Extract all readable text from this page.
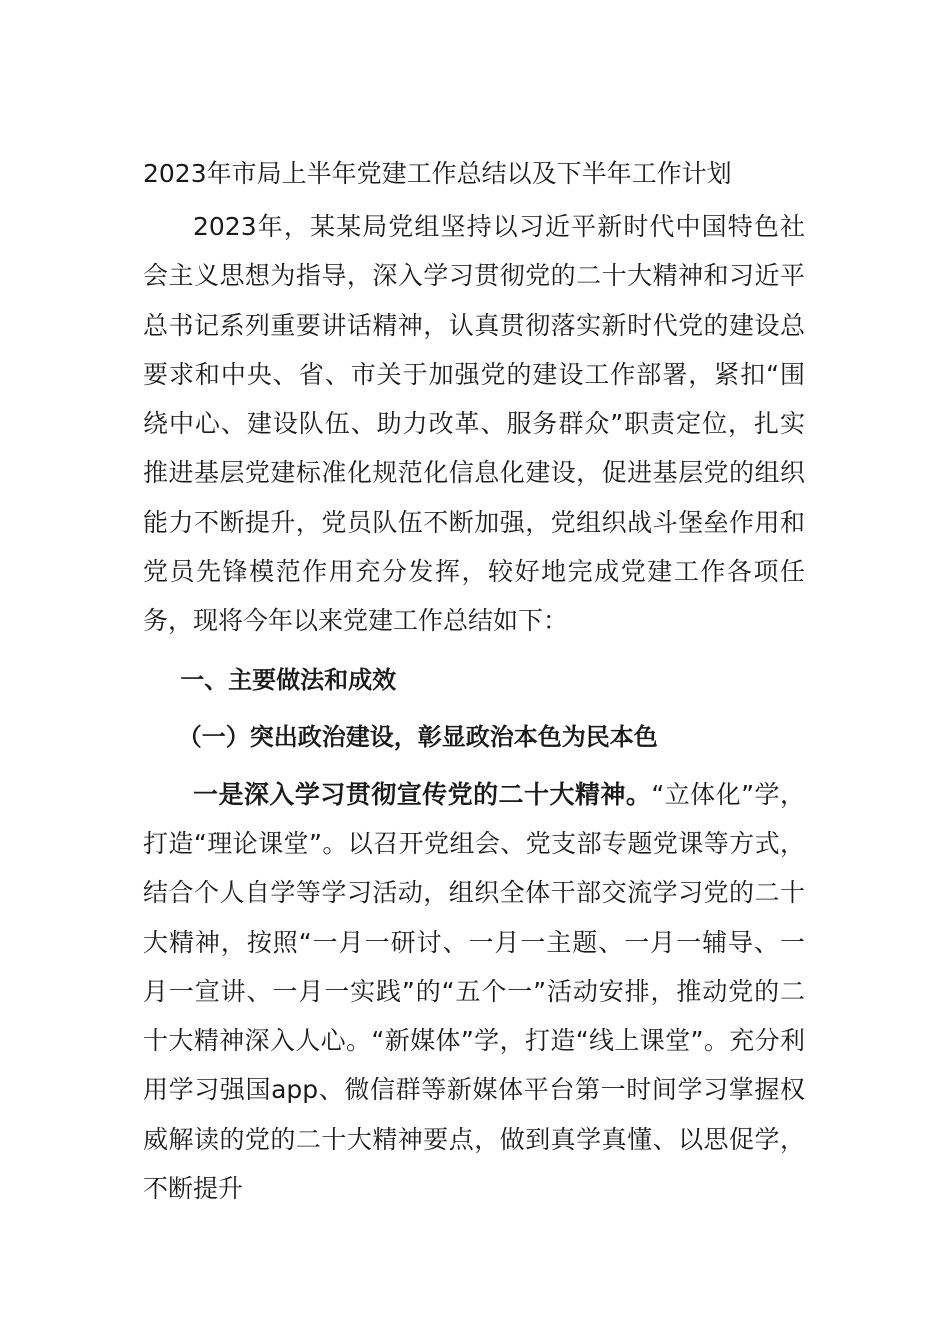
2023年市局上半年党建工作总结以及下半年工作计划

2023年，某某局党组坚持以习近平新时代中国特色社会主义思想为指导，深入学习贯彻党的二十大精神和习近平总书记系列重要讲话精神，认真贯彻落实新时代党的建设总要求和中央、省、市关于加强党的建设工作部署，紧扣“围绕中心、建设队伍、助力改革、服务群众”职责定位，扎实推进基层党建标准化规范化信息化建设，促进基层党的组织能力不断提升，党员队伍不断加强，党组织战斗堡垒作用和党员先锋模范作用充分发挥，较好地完成党建工作各项任务，现将今年以来党建工作总结如下：

一、主要做法和成效

（一）突出政治建设，彰显政治本色为民本色

一是深入学习贯彻宣传党的二十大精神。“立体化”学，打造“理论课堂”。以召开党组会、党支部专题党课等方式，结合个人自学等学习活动，组织全体干部交流学习党的二十大精神，按照“一月一研讨、一月一主题、一月一辅导、一月一宣讲、一月一实践”的“五个一”活动安排，推动党的二十大精神深入人心。“新媒体”学，打造“线上课堂”。充分利用学习强国app、微信群等新媒体平台第一时间学习掌握权威解读的党的二十大精神要点，做到真学真懂、以思促学，不断提升
